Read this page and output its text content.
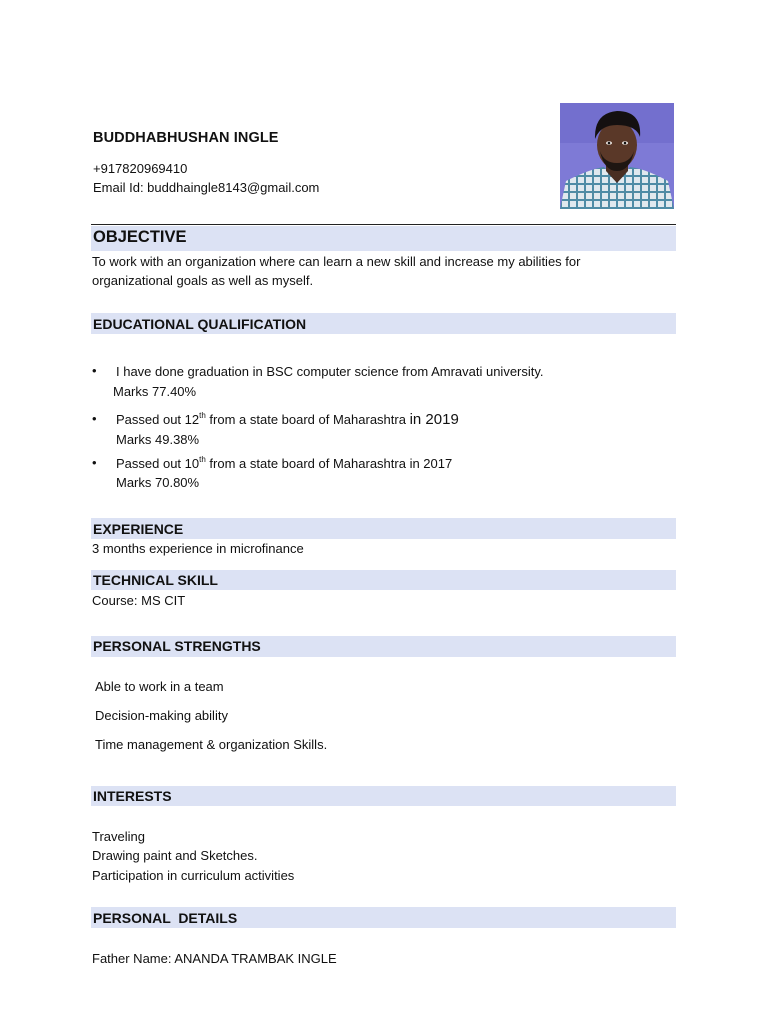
BUDDHABHUSHAN INGLE
+917820969410
Email Id: buddhaingle8143@gmail.com
OBJECTIVE
To work with an organization where can learn a new skill and increase my abilities for
organizational goals as well as myself.
EDUCATIONAL QUALIFICATION
• I have done graduation in BSC computer science from Amravati university.
Marks 77.40%
• Passed out 12th from a state board of Maharashtra in 2019
Marks 49.38%
• Passed out 10th from a state board of Maharashtra in 2017
Marks 70.80%
EXPERIENCE
3 months experience in microfinance
TECHNICAL SKILL
Course: MS CIT
PERSONAL STRENGTHS
Able to work in a team
Decision-making ability
Time management & organization Skills.
INTERESTS
Traveling
Drawing paint and Sketches.
Participation in curriculum activities
PERSONAL  DETAILS
Father Name: ANANDA TRAMBAK INGLE
